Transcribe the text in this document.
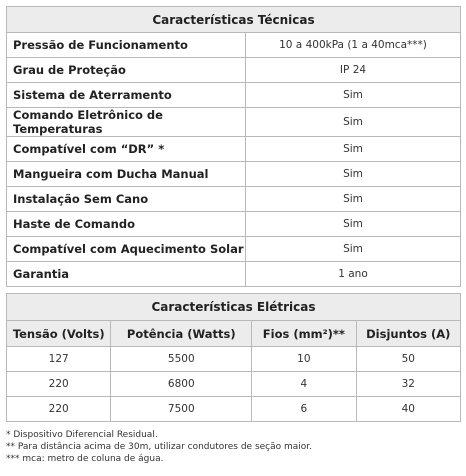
Características Técnicas	
Pressão de Funcionamento	10 a 400kPa (1 a 40mca***)
Grau de Proteção	IP 24
Sistema de Aterramento	Sim
Comando Eletrônico de Temperaturas	Sim
Compatível com “DR” *	Sim
Mangueira com Ducha Manual	Sim
Instalação Sem Cano	Sim
Haste de Comando	Sim
Compatível com Aquecimento Solar	Sim
Garantia	1 ano
Características Elétricas			
Tensão (Volts)	Potência (Watts)	Fios (mm²)**	Disjuntos (A)
127	5500	10	50
220	6800	4	32
220	7500	6	40
* Dispositivo Diferencial Residual.
** Para distância acima de 30m, utilizar condutores de seção maior.
*** mca: metro de coluna de água.
